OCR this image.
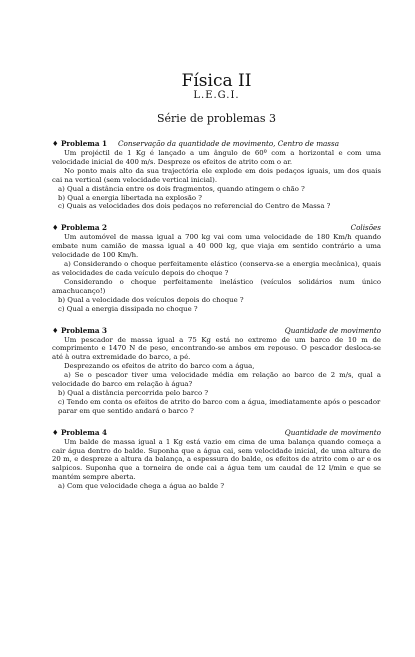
Física II
L.E.G.I.
Série de problemas 3
♦ Problema 1 Conservação da quantidade de movimento, Centro de massa

Um projéctil de 1 Kg é lançado a um ângulo de 60º com a horizontal e com uma velocidade inicial de 400 m/s. Despreze os efeitos de atrito com o ar.

No ponto mais alto da sua trajectória ele explode em dois pedaços iguais, um dos quais cai na vertical (sem velocidade vertical inicial).

a) Qual a distância entre os dois fragmentos, quando atingem o chão ?

b) Qual a energia libertada na explosão ?

c) Quais as velocidades dos dois pedaços no referencial do Centro de Massa ?

♦ Problema 2	Colisões

Um automóvel de massa igual a 700 kg vai com uma velocidade de 180 Km/h quando embate num camião de massa igual a 40 000 kg, que viaja em sentido contrário a uma velocidade de 100 Km/h.

a) Considerando o choque perfeitamente elástico (conserva-se a energia mecânica), quais as velocidades de cada veículo depois do choque ?

Considerando o choque perfeitamente inelástico (veículos solidários num único amachucanço!)

b) Qual a velocidade dos veículos depois do choque ?

c) Qual a energia dissipada no choque ?

♦ Problema 3	Quantidade de movimento

Um pescador de massa igual a 75 Kg está no extremo de um barco de 10 m de comprimento e 1470 N de peso, encontrando-se ambos em repouso. O pescador desloca-se até à outra extremidade do barco, a pé.

Desprezando os efeitos de atrito do barco com a água,

a) Se o pescador tiver uma velocidade média em relação ao barco de 2 m/s, qual a velocidade do barco em relação à água?

b) Qual a distância percorrida pelo barco ?

c) Tendo em conta os efeitos de atrito do barco com a água, imediatamente após o pescador parar em que sentido andará o barco ?

♦ Problema 4	Quantidade de movimento

Um balde de massa igual a 1 Kg está vazio em cima de uma balança quando começa a cair água dentro do balde. Suponha que a água cai, sem velocidade inicial, de uma altura de 20 m, e despreze a altura da balança, a espessura do balde, os efeitos de atrito com o ar e os salpicos. Suponha que a torneira de onde cai a água tem um caudal de 12 l/min e que se mantém sempre aberta.

a) Com que velocidade chega a água ao balde ?
